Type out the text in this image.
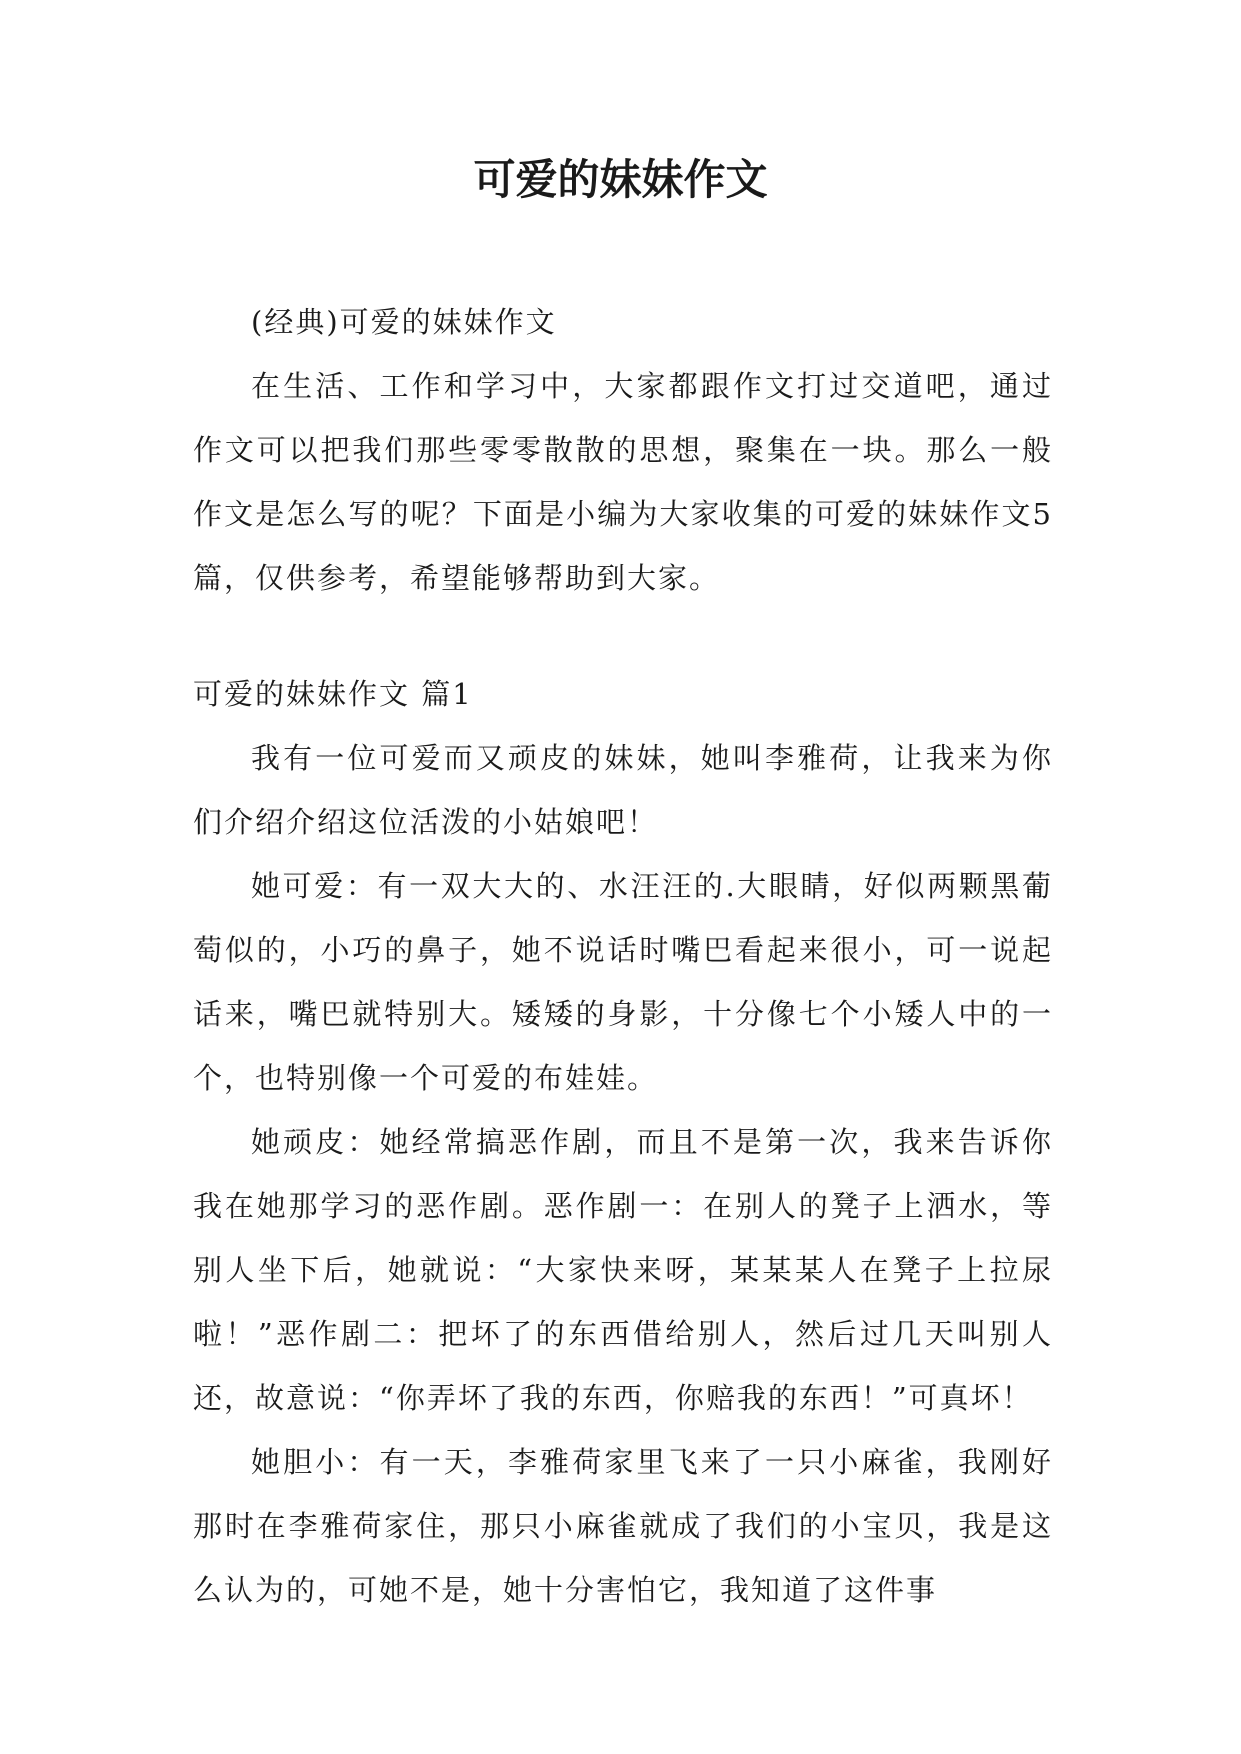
可爱的妹妹作文

(经典)可爱的妹妹作文

在生活、工作和学习中，大家都跟作文打过交道吧，通过作文可以把我们那些零零散散的思想，聚集在一块。那么一般作文是怎么写的呢？下面是小编为大家收集的可爱的妹妹作文5篇，仅供参考，希望能够帮助到大家。

可爱的妹妹作文 篇1

我有一位可爱而又顽皮的妹妹，她叫李雅荷，让我来为你们介绍介绍这位活泼的小姑娘吧！

她可爱：有一双大大的、水汪汪的.大眼睛，好似两颗黑葡萄似的，小巧的鼻子，她不说话时嘴巴看起来很小，可一说起话来，嘴巴就特别大。矮矮的身影，十分像七个小矮人中的一个，也特别像一个可爱的布娃娃。

她顽皮：她经常搞恶作剧，而且不是第一次，我来告诉你我在她那学习的恶作剧。恶作剧一：在别人的凳子上洒水，等别人坐下后，她就说：“大家快来呀，某某某人在凳子上拉尿啦！”恶作剧二：把坏了的东西借给别人，然后过几天叫别人还，故意说：“你弄坏了我的东西，你赔我的东西！”可真坏！

她胆小：有一天，李雅荷家里飞来了一只小麻雀，我刚好那时在李雅荷家住，那只小麻雀就成了我们的小宝贝，我是这么认为的，可她不是，她十分害怕它，我知道了这件事
